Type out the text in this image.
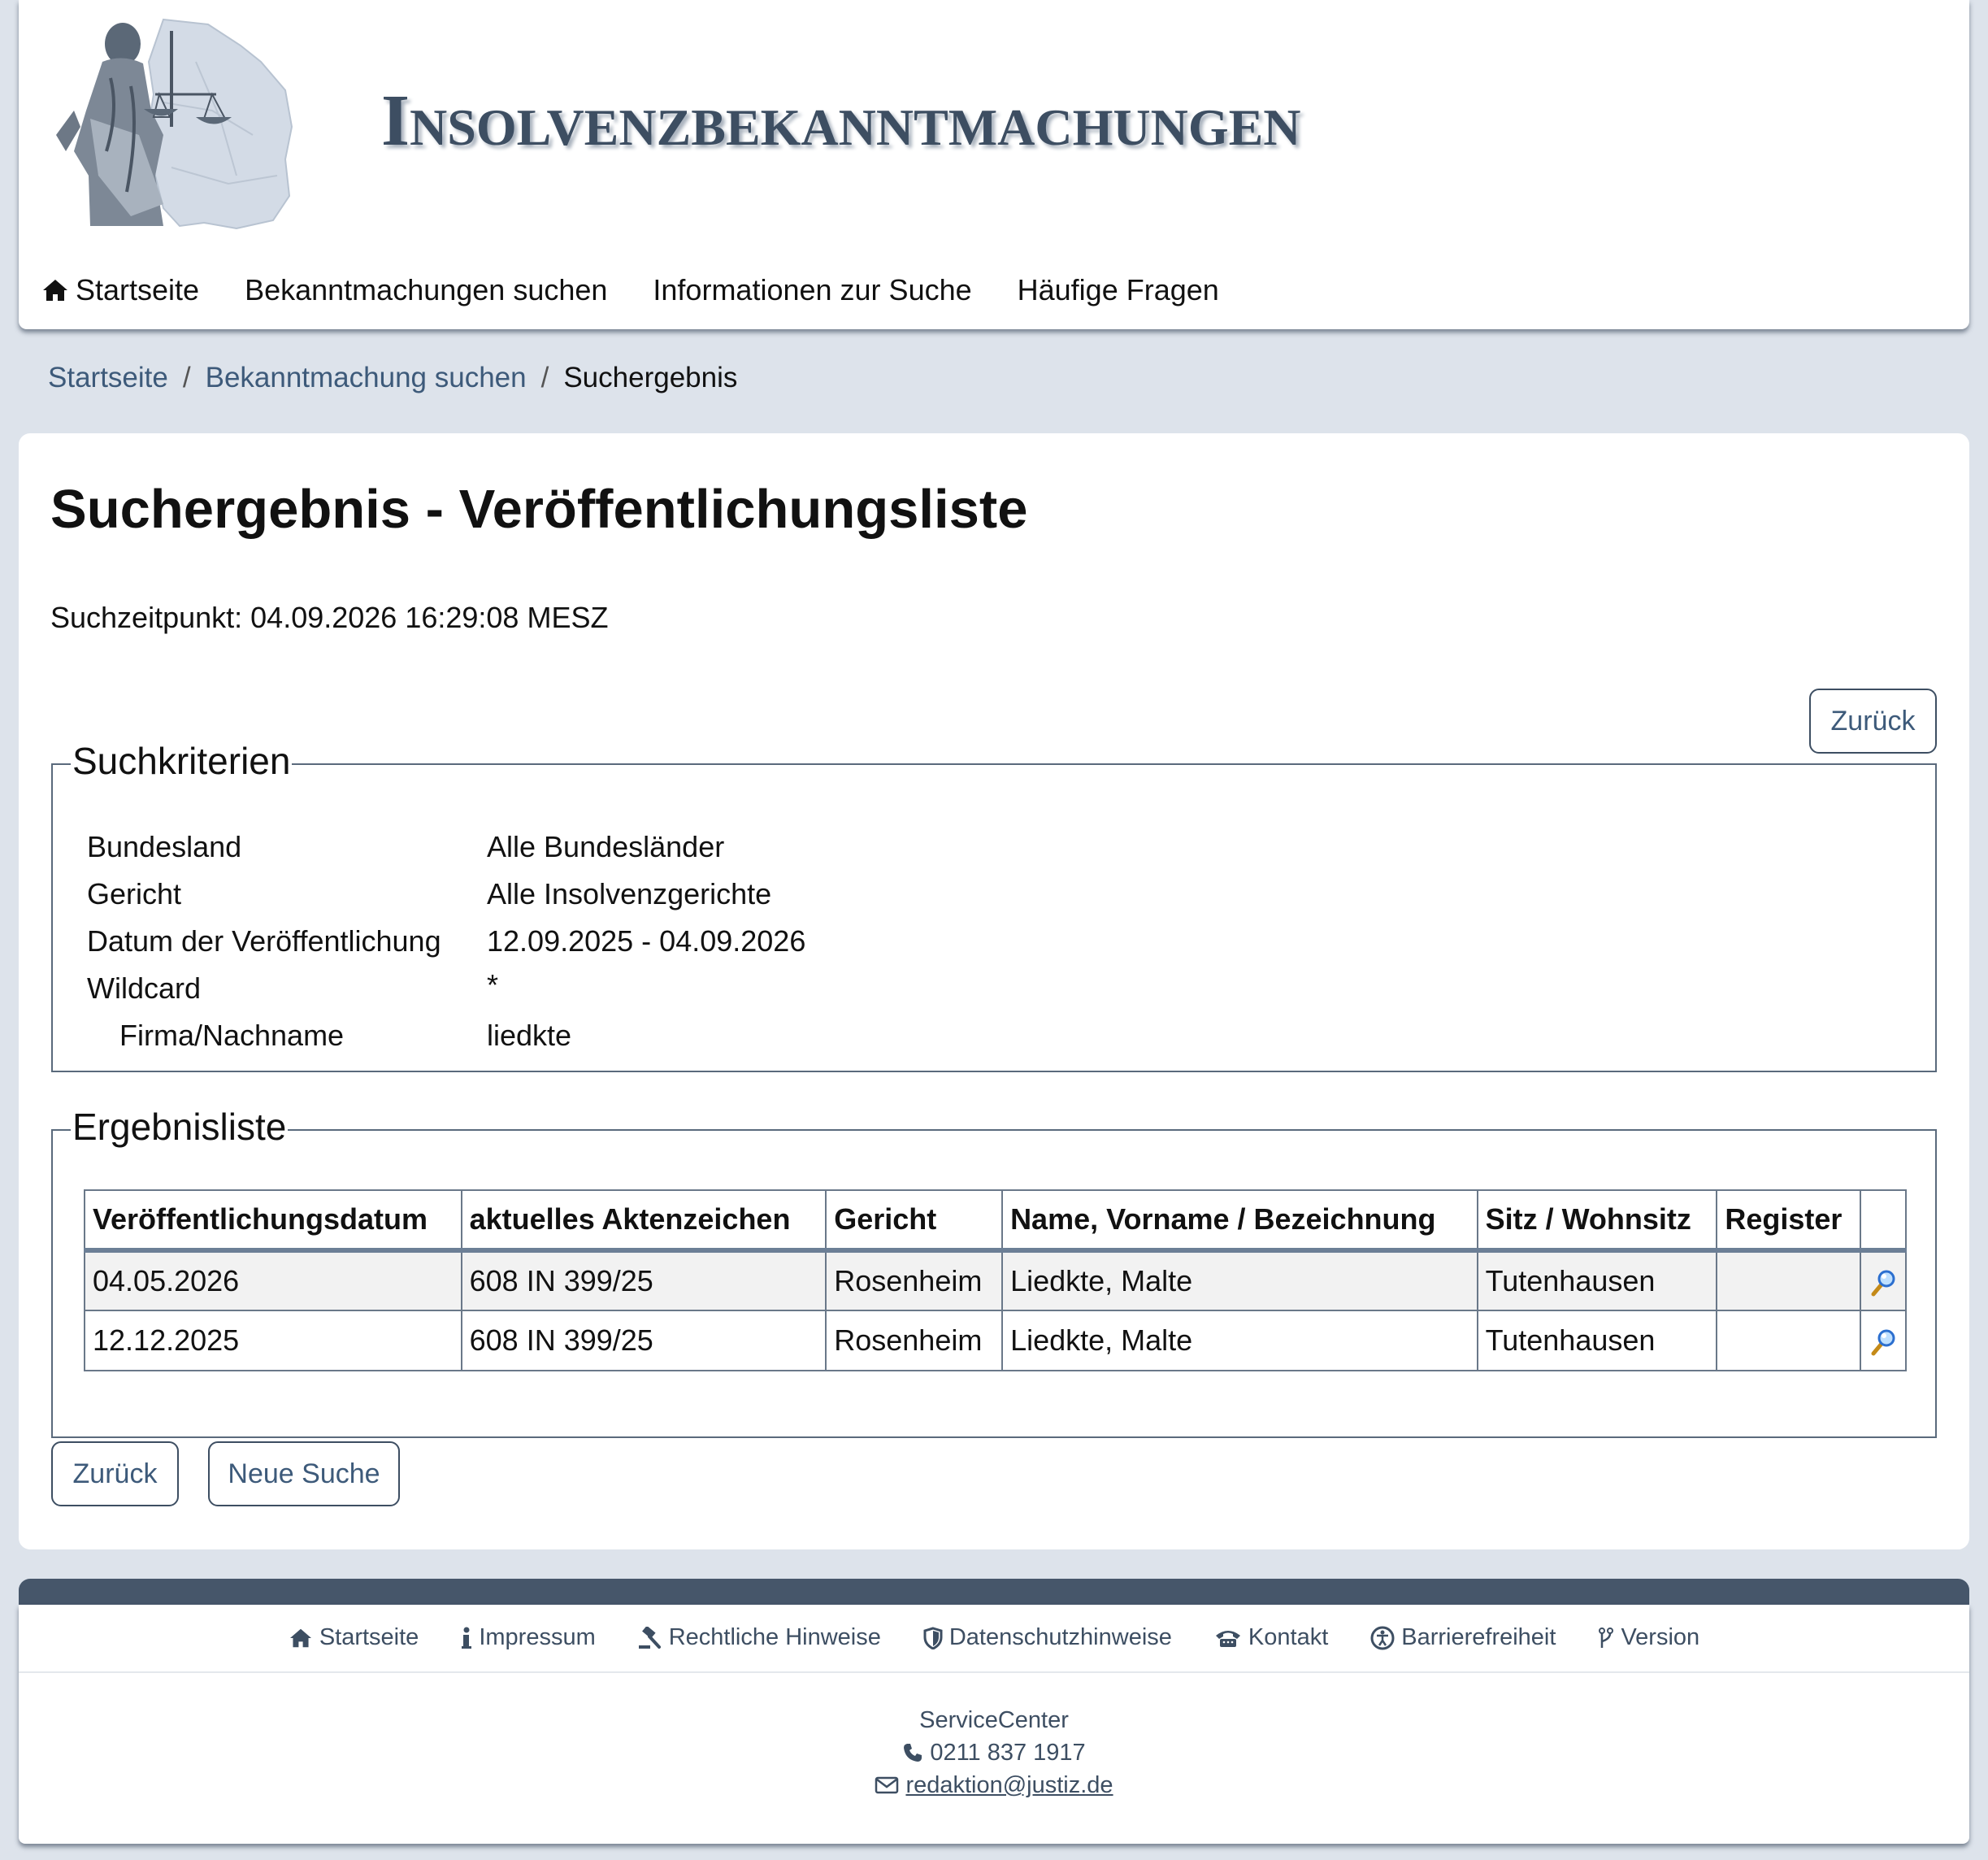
INSOLVENZBEKANNTMACHUNGEN
Startseite Bekanntmachungen suchen Informationen zur Suche Häufige Fragen
Startseite / Bekanntmachung suchen / Suchergebnis
Suchergebnis - Veröffentlichungsliste
Suchzeitpunkt: 04.09.2026 16:29:08 MESZ
Zurück
Suchkriterien
Bundesland	Alle Bundesländer
Gericht	Alle Insolvenzgerichte
Datum der Veröffentlichung 12.09.2025 - 04.09.2026
Wildcard	*
Firma/Nachname	liedkte
Ergebnisliste
Veröffentlichungsdatum	aktuelles Aktenzeichen	Gericht	Name, Vorname / Bezeichnung	Sitz / Wohnsitz	Register	
04.05.2026	608 IN 399/25	Rosenheim	Liedkte, Malte	Tutenhausen		
12.12.2025	608 IN 399/25	Rosenheim	Liedkte, Malte	Tutenhausen		
Zurück	Neue Suche
Startseite	Impressum	Rechtliche Hinweise	Datenschutzhinweise	Kontakt	Barrierefreiheit	Version
ServiceCenter
0211 837 1917
redaktion@justiz.de
